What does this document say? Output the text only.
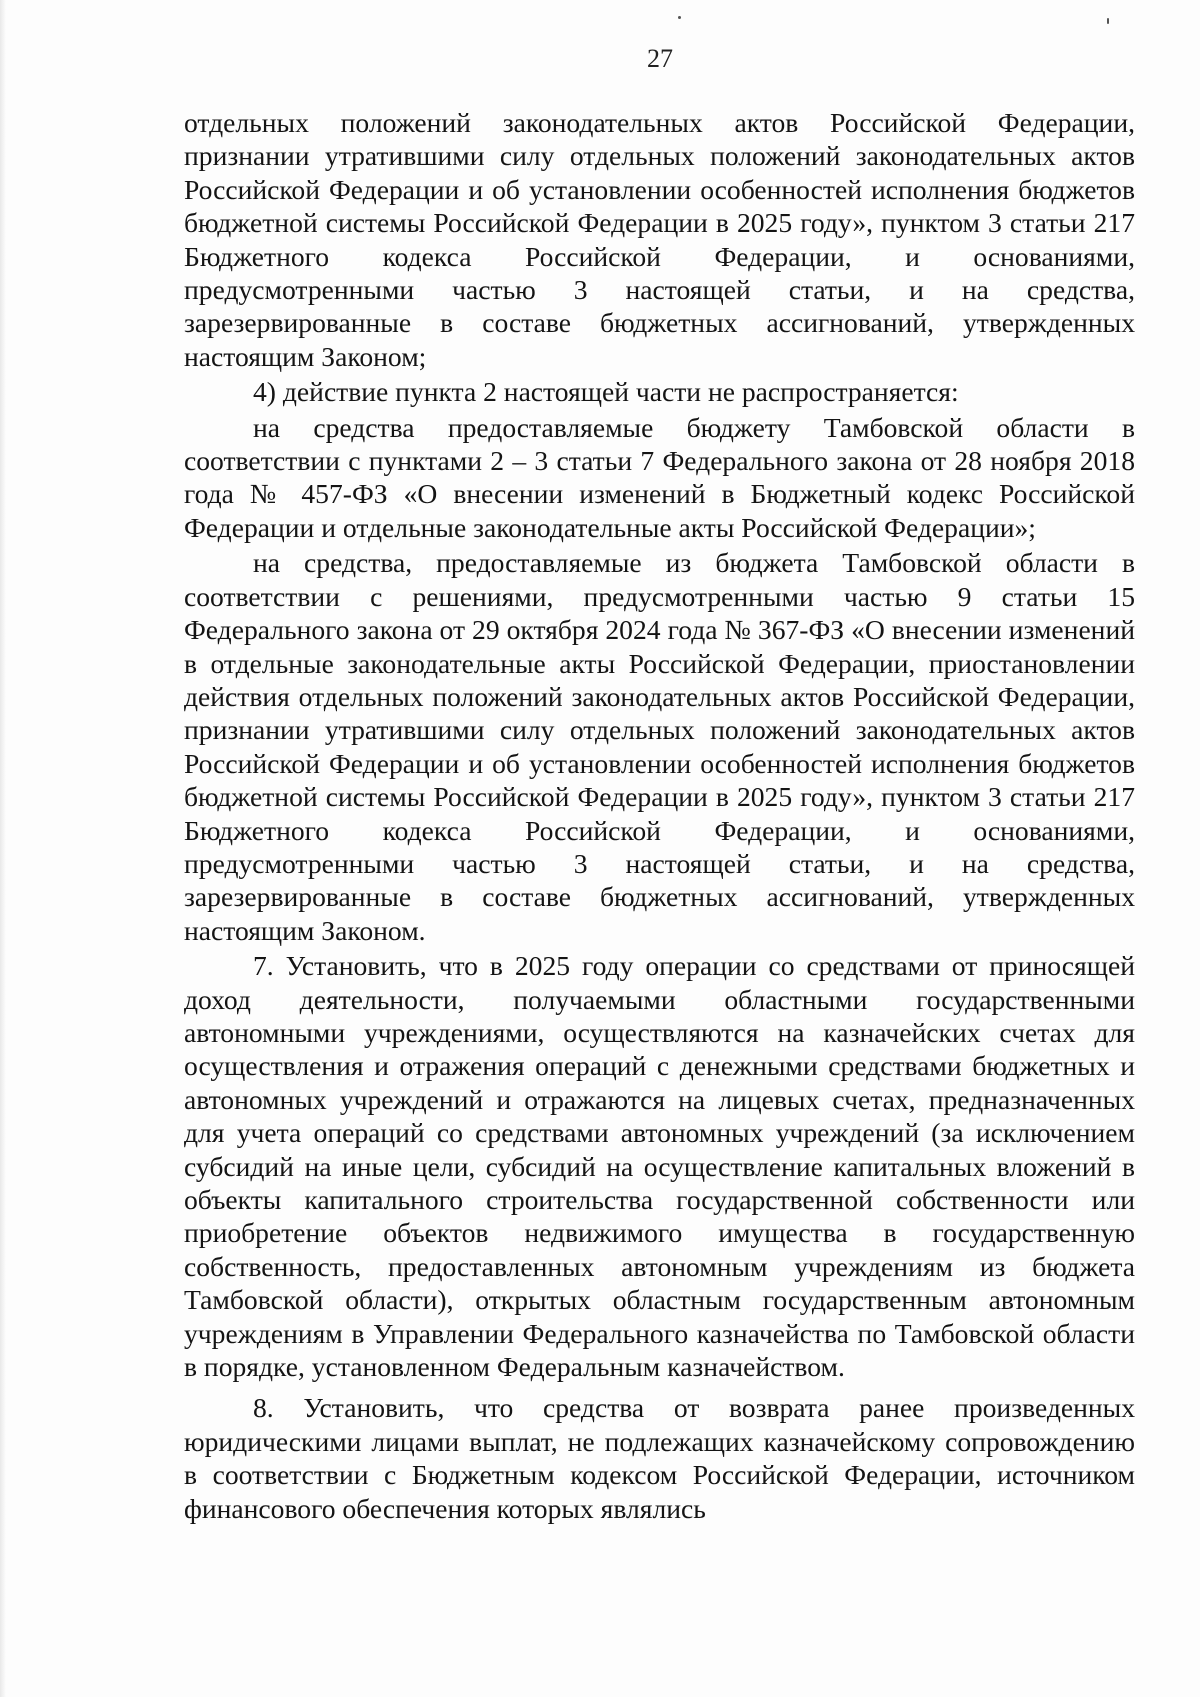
27

отдельных положений законодательных актов Российской Федерации, признании утратившими силу отдельных положений законодательных актов Российской Федерации и об установлении особенностей исполнения бюджетов бюджетной системы Российской Федерации в 2025 году», пунктом 3 статьи 217 Бюджетного кодекса Российской Федерации, и основаниями, предусмотренными частью 3 настоящей статьи, и на средства, зарезервированные в составе бюджетных ассигнований, утвержденных настоящим Законом;

4) действие пункта 2 настоящей части не распространяется:

на средства предоставляемые бюджету Тамбовской области в соответствии с пунктами 2 – 3 статьи 7 Федерального закона от 28 ноября 2018 года № 457-ФЗ «О внесении изменений в Бюджетный кодекс Российской Федерации и отдельные законодательные акты Российской Федерации»;

на средства, предоставляемые из бюджета Тамбовской области в соответствии с решениями, предусмотренными частью 9 статьи 15 Федерального закона от 29 октября 2024 года № 367-ФЗ «О внесении изменений в отдельные законодательные акты Российской Федерации, приостановлении действия отдельных положений законодательных актов Российской Федерации, признании утратившими силу отдельных положений законодательных актов Российской Федерации и об установлении особенностей исполнения бюджетов бюджетной системы Российской Федерации в 2025 году», пунктом 3 статьи 217 Бюджетного кодекса Российской Федерации, и основаниями, предусмотренными частью 3 настоящей статьи, и на средства, зарезервированные в составе бюджетных ассигнований, утвержденных настоящим Законом.

7. Установить, что в 2025 году операции со средствами от приносящей доход деятельности, получаемыми областными государственными автономными учреждениями, осуществляются на казначейских счетах для осуществления и отражения операций с денежными средствами бюджетных и автономных учреждений и отражаются на лицевых счетах, предназначенных для учета операций со средствами автономных учреждений (за исключением субсидий на иные цели, субсидий на осуществление капитальных вложений в объекты капитального строительства государственной собственности или приобретение объектов недвижимого имущества в государственную собственность, предоставленных автономным учреждениям из бюджета Тамбовской области), открытых областным государственным автономным учреждениям в Управлении Федерального казначейства по Тамбовской области в порядке, установленном Федеральным казначейством.

8. Установить, что средства от возврата ранее произведенных юридическими лицами выплат, не подлежащих казначейскому сопровождению в соответствии с Бюджетным кодексом Российской Федерации, источником финансового обеспечения которых являлись
